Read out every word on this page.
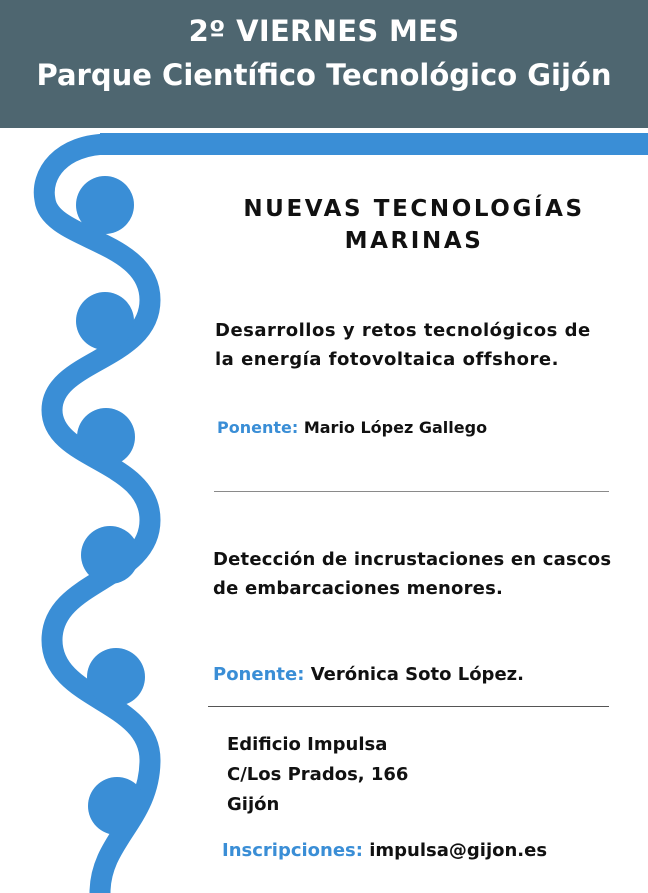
2º VIERNES MES
Parque Científico Tecnológico Gijón
NUEVAS TECNOLOGÍAS
MARINAS
Desarrollos y retos tecnológicos de
la energía fotovoltaica offshore.
Ponente: Mario López Gallego
Detección de incrustaciones en cascos
de embarcaciones menores.
Ponente: Verónica Soto López.
Edificio Impulsa
C/Los Prados, 166
Gijón
Inscripciones: impulsa@gijon.es
